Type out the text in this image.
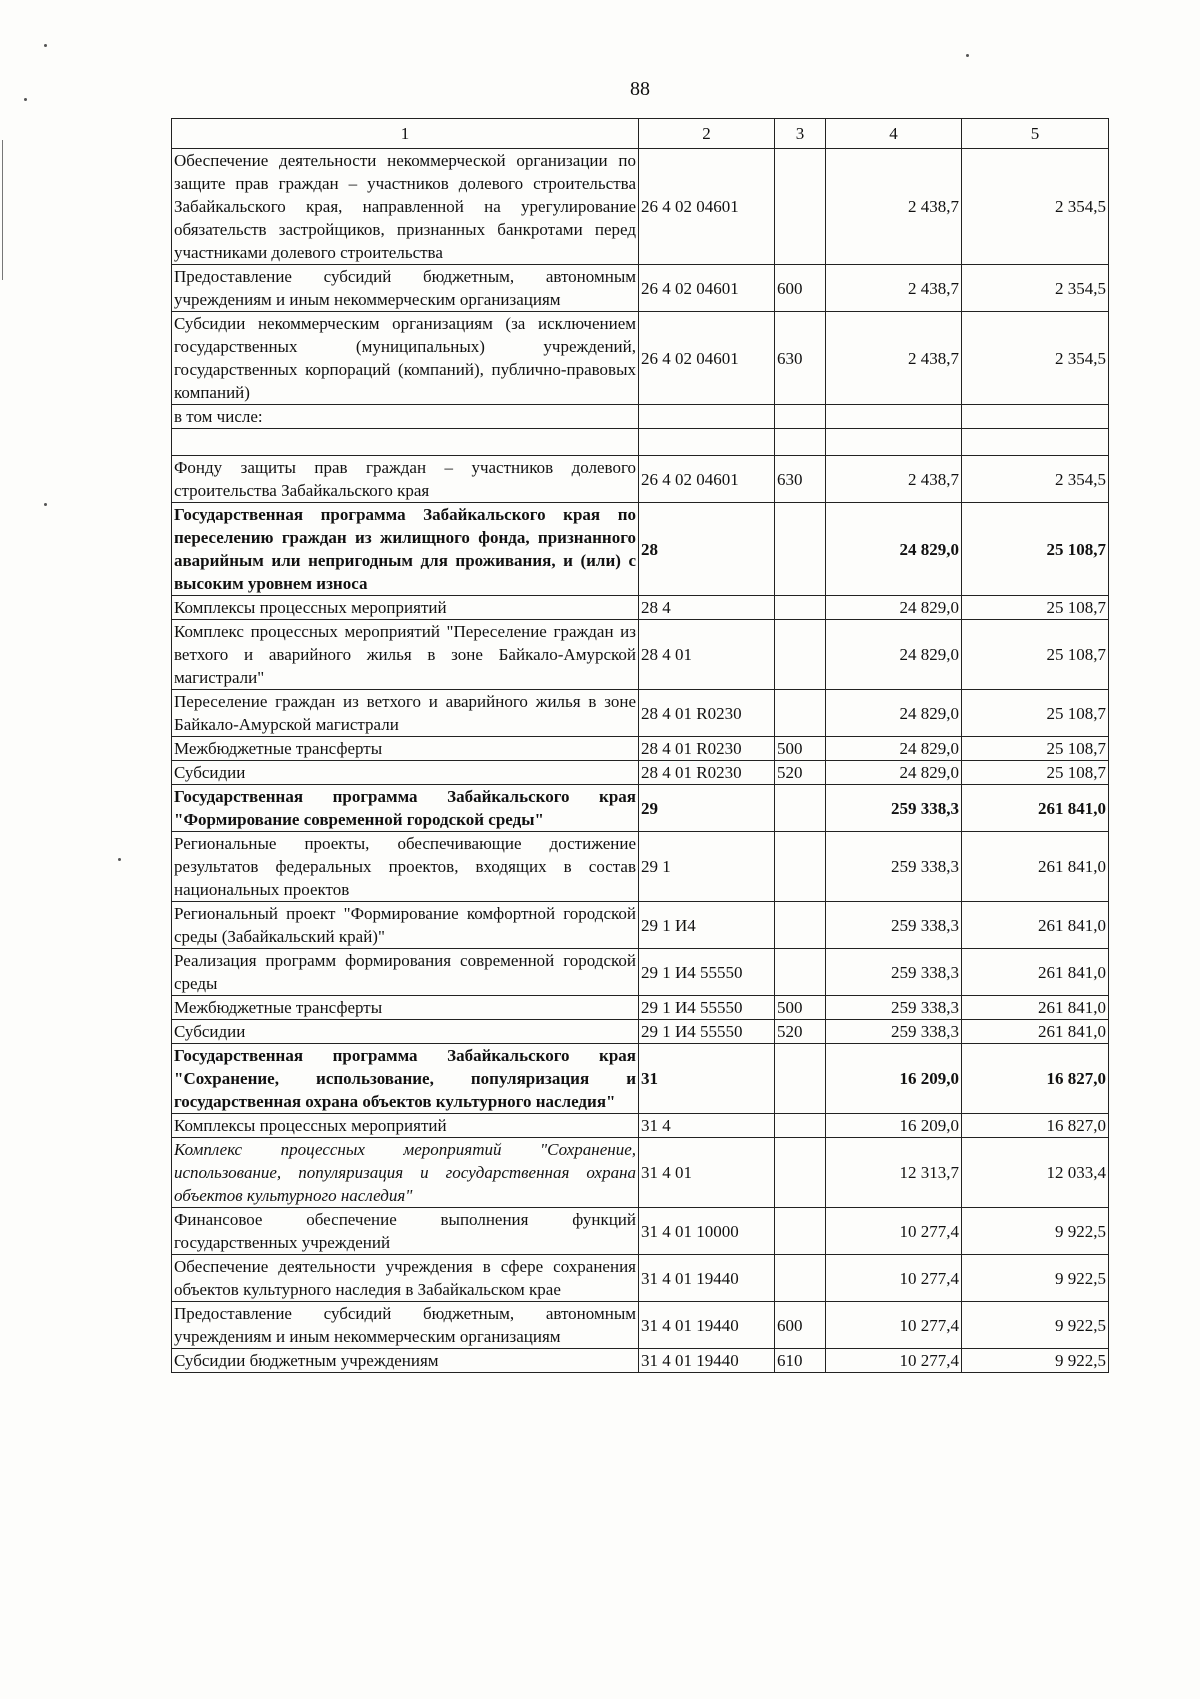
88
1	2	3	4	5
Обеспечение деятельности некоммерческой организации по защите прав граждан – участников долевого строительства Забайкальского края, направленной на урегулирование обязательств застройщиков, признанных банкротами перед участниками долевого строительства	26 4 02 04601		2 438,7	2 354,5
Предоставление субсидий бюджетным, автономным учреждениям и иным некоммерческим организациям	26 4 02 04601	600	2 438,7	2 354,5
Субсидии некоммерческим организациям (за исключением государственных (муниципальных) учреждений, государственных корпораций (компаний), публично-правовых компаний)	26 4 02 04601	630	2 438,7	2 354,5
в том числе:				

Фонду защиты прав граждан – участников долевого строительства Забайкальского края	26 4 02 04601	630	2 438,7	2 354,5
Государственная программа Забайкальского края по переселению граждан из жилищного фонда, признанного аварийным или непригодным для проживания, и (или) с высоким уровнем износа	28		24 829,0	25 108,7
Комплексы процессных мероприятий	28 4		24 829,0	25 108,7
Комплекс процессных мероприятий "Переселение граждан из ветхого и аварийного жилья в зоне Байкало-Амурской магистрали"	28 4 01		24 829,0	25 108,7
Переселение граждан из ветхого и аварийного жилья в зоне Байкало-Амурской магистрали	28 4 01 R0230		24 829,0	25 108,7
Межбюджетные трансферты	28 4 01 R0230	500	24 829,0	25 108,7
Субсидии	28 4 01 R0230	520	24 829,0	25 108,7
Государственная программа Забайкальского края "Формирование современной городской среды"	29		259 338,3	261 841,0
Региональные проекты, обеспечивающие достижение результатов федеральных проектов, входящих в состав национальных проектов	29 1		259 338,3	261 841,0
Региональный проект "Формирование комфортной городской среды (Забайкальский край)"	29 1 И4		259 338,3	261 841,0
Реализация программ формирования современной городской среды	29 1 И4 55550		259 338,3	261 841,0
Межбюджетные трансферты	29 1 И4 55550	500	259 338,3	261 841,0
Субсидии	29 1 И4 55550	520	259 338,3	261 841,0
Государственная программа Забайкальского края "Сохранение, использование, популяризация и государственная охрана объектов культурного наследия"	31		16 209,0	16 827,0
Комплексы процессных мероприятий	31 4		16 209,0	16 827,0
Комплекс процессных мероприятий "Сохранение, использование, популяризация и государственная охрана объектов культурного наследия"	31 4 01		12 313,7	12 033,4
Финансовое обеспечение выполнения функций государственных учреждений	31 4 01 10000		10 277,4	9 922,5
Обеспечение деятельности учреждения в сфере сохранения объектов культурного наследия в Забайкальском крае	31 4 01 19440		10 277,4	9 922,5
Предоставление субсидий бюджетным, автономным учреждениям и иным некоммерческим организациям	31 4 01 19440	600	10 277,4	9 922,5
Субсидии бюджетным учреждениям	31 4 01 19440	610	10 277,4	9 922,5
